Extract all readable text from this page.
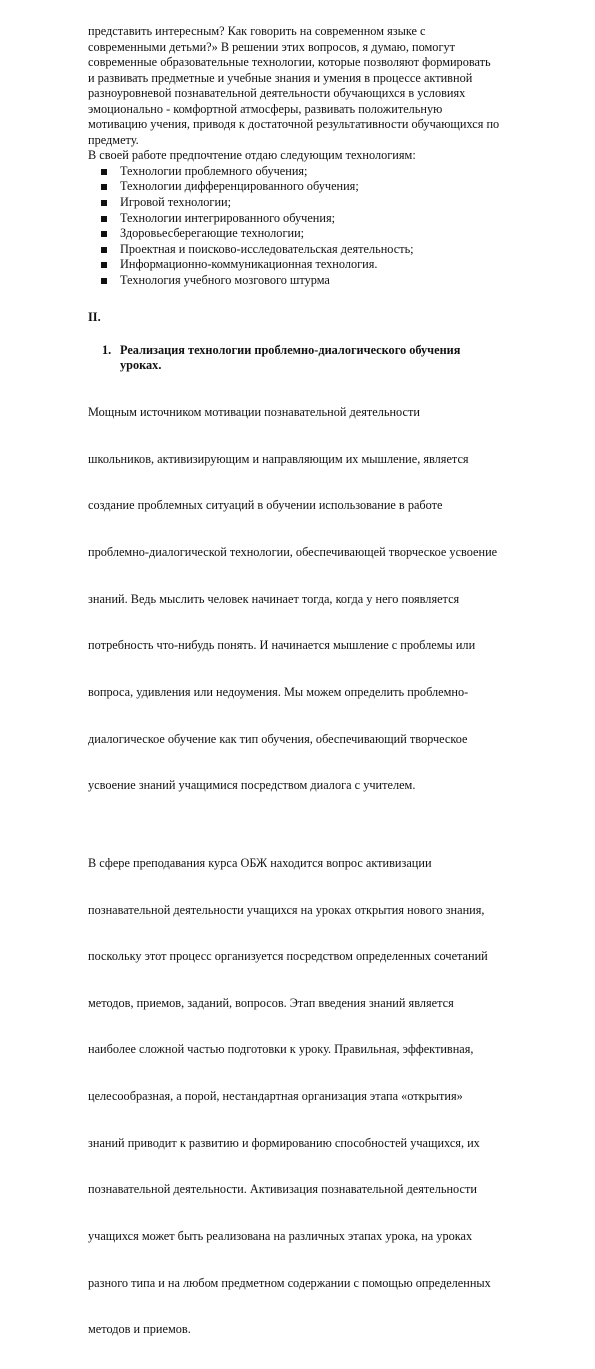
представить интересным? Как говорить на современном языке с
современными детьми?» В решении этих вопросов, я думаю, помогут
современные образовательные технологии, которые позволяют формировать
и развивать предметные и учебные знания и умения в процессе активной
разноуровневой познавательной деятельности обучающихся в условиях
эмоционально - комфортной атмосферы, развивать положительную
мотивацию учения, приводя к достаточной результативности обучающихся по
предмету.
В своей работе предпочтение отдаю следующим технологиям:
Технологии проблемного обучения;
Технологии дифференцированного обучения;
Игровой технологии;
Технологии интегрированного обучения;
Здоровьесберегающие технологии;
Проектная и поисково-исследовательская деятельность;
Информационно-коммуникационная технология.
Технология учебного мозгового штурма
II.
1. Реализация технологии проблемно-диалогического обучения
уроках.

Мощным источником мотивации познавательной деятельности

школьников, активизирующим и направляющим их мышление, является

создание проблемных ситуаций в обучении использование в работе

проблемно-диалогической технологии, обеспечивающей творческое усвоение

знаний. Ведь мыслить человек начинает тогда, когда у него появляется

потребность что-нибудь понять. И начинается мышление с проблемы или

вопроса, удивления или недоумения. Мы можем определить проблемно-

диалогическое обучение как тип обучения, обеспечивающий творческое

усвоение знаний учащимися посредством диалога с учителем.

В сфере преподавания курса ОБЖ находится вопрос активизации

познавательной деятельности учащихся на уроках открытия нового знания,

поскольку этот процесс организуется посредством определенных сочетаний

методов, приемов, заданий, вопросов. Этап введения знаний является

наиболее сложной частью подготовки к уроку. Правильная, эффективная,

целесообразная, а порой, нестандартная организация этапа «открытия»

знаний приводит к развитию и формированию способностей учащихся, их

познавательной деятельности. Активизация познавательной деятельности

учащихся может быть реализована на различных этапах урока, на уроках

разного типа и на любом предметном содержании с помощью определенных

методов и приемов.
